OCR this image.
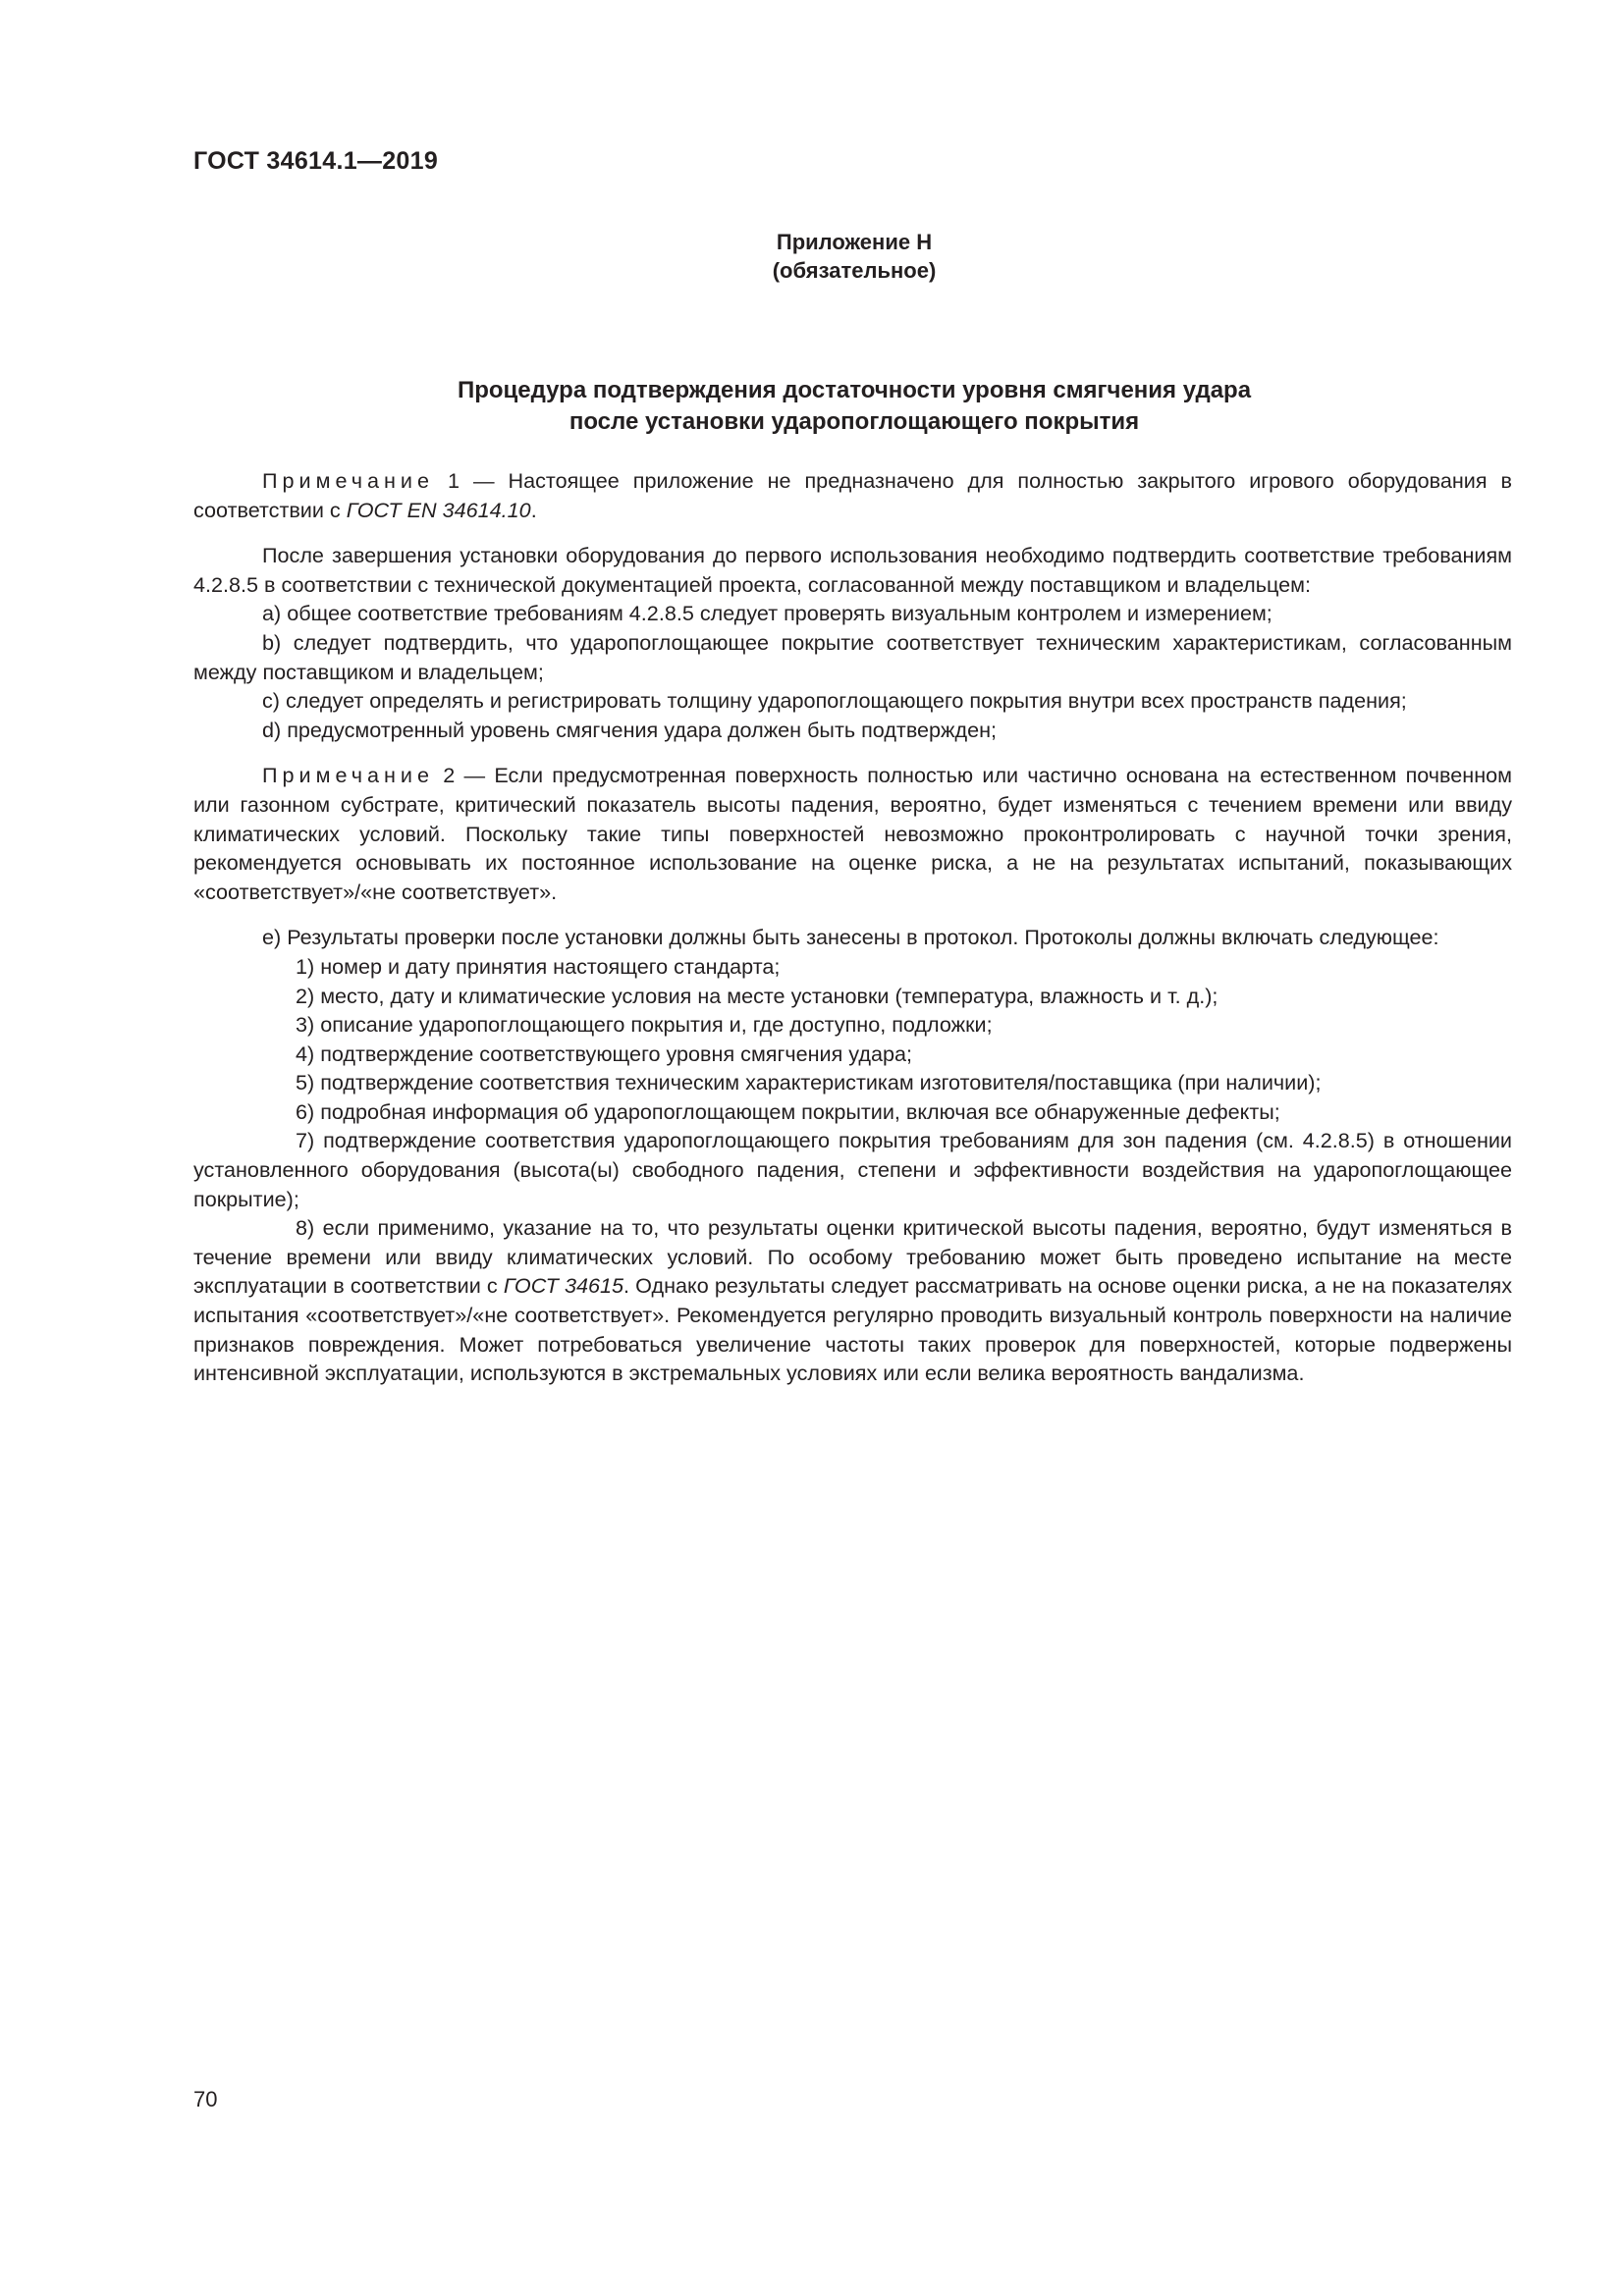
ГОСТ 34614.1—2019
Приложение Н
(обязательное)
Процедура подтверждения достаточности уровня смягчения удара
после установки ударопоглощающего покрытия

Примечание 1 — Настоящее приложение не предназначено для полностью закрытого игрового оборудования в соответствии с ГОСТ EN 34614.10.

После завершения установки оборудования до первого использования необходимо подтвердить соответствие требованиям 4.2.8.5 в соответствии с технической документацией проекта, согласованной между поставщиком и владельцем:

a) общее соответствие требованиям 4.2.8.5 следует проверять визуальным контролем и измерением;

b) следует подтвердить, что ударопоглощающее покрытие соответствует техническим характеристикам, согласованным между поставщиком и владельцем;

c) следует определять и регистрировать толщину ударопоглощающего покрытия внутри всех пространств падения;

d) предусмотренный уровень смягчения удара должен быть подтвержден;

Примечание 2 — Если предусмотренная поверхность полностью или частично основана на естественном почвенном или газонном субстрате, критический показатель высоты падения, вероятно, будет изменяться с течением времени или ввиду климатических условий. Поскольку такие типы поверхностей невозможно проконтролировать с научной точки зрения, рекомендуется основывать их постоянное использование на оценке риска, а не на результатах испытаний, показывающих «соответствует»/«не соответствует».

e) Результаты проверки после установки должны быть занесены в протокол. Протоколы должны включать следующее:

1) номер и дату принятия настоящего стандарта;

2) место, дату и климатические условия на месте установки (температура, влажность и т. д.);

3) описание ударопоглощающего покрытия и, где доступно, подложки;

4) подтверждение соответствующего уровня смягчения удара;

5) подтверждение соответствия техническим характеристикам изготовителя/поставщика (при наличии);

6) подробная информация об ударопоглощающем покрытии, включая все обнаруженные дефекты;

7) подтверждение соответствия ударопоглощающего покрытия требованиям для зон падения (см. 4.2.8.5) в отношении установленного оборудования (высота(ы) свободного падения, степени и эффективности воздействия на ударопоглощающее покрытие);

8) если применимо, указание на то, что результаты оценки критической высоты падения, вероятно, будут изменяться в течение времени или ввиду климатических условий. По особому требованию может быть проведено испытание на месте эксплуатации в соответствии с ГОСТ 34615. Однако результаты следует рассматривать на основе оценки риска, а не на показателях испытания «соответствует»/«не соответствует». Рекомендуется регулярно проводить визуальный контроль поверхности на наличие признаков повреждения. Может потребоваться увеличение частоты таких проверок для поверхностей, которые подвержены интенсивной эксплуатации, используются в экстремальных условиях или если велика вероятность вандализма.

70
